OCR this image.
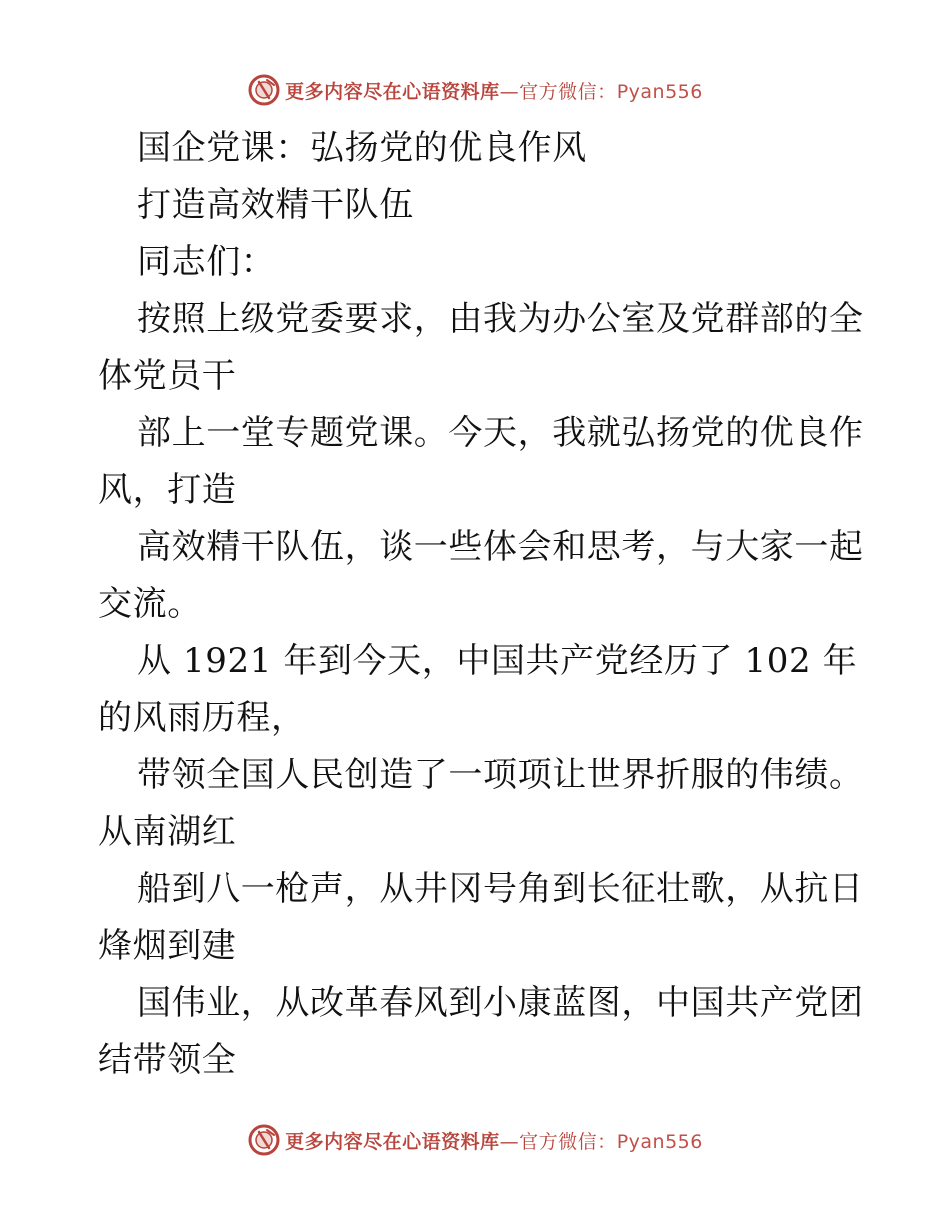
更多内容尽在心语资料库—官方微信：Pyan556
国企党课：弘扬党的优良作风
打造高效精干队伍
同志们：
按照上级党委要求，由我为办公室及党群部的全
体党员干
部上一堂专题党课。今天，我就弘扬党的优良作
风，打造
高效精干队伍，谈一些体会和思考，与大家一起
交流。
从 1921 年到今天，中国共产党经历了 102 年
的风雨历程，
带领全国人民创造了一项项让世界折服的伟绩。
从南湖红
船到八一枪声，从井冈号角到长征壮歌，从抗日
烽烟到建
国伟业，从改革春风到小康蓝图，中国共产党团
结带领全
更多内容尽在心语资料库—官方微信：Pyan556
